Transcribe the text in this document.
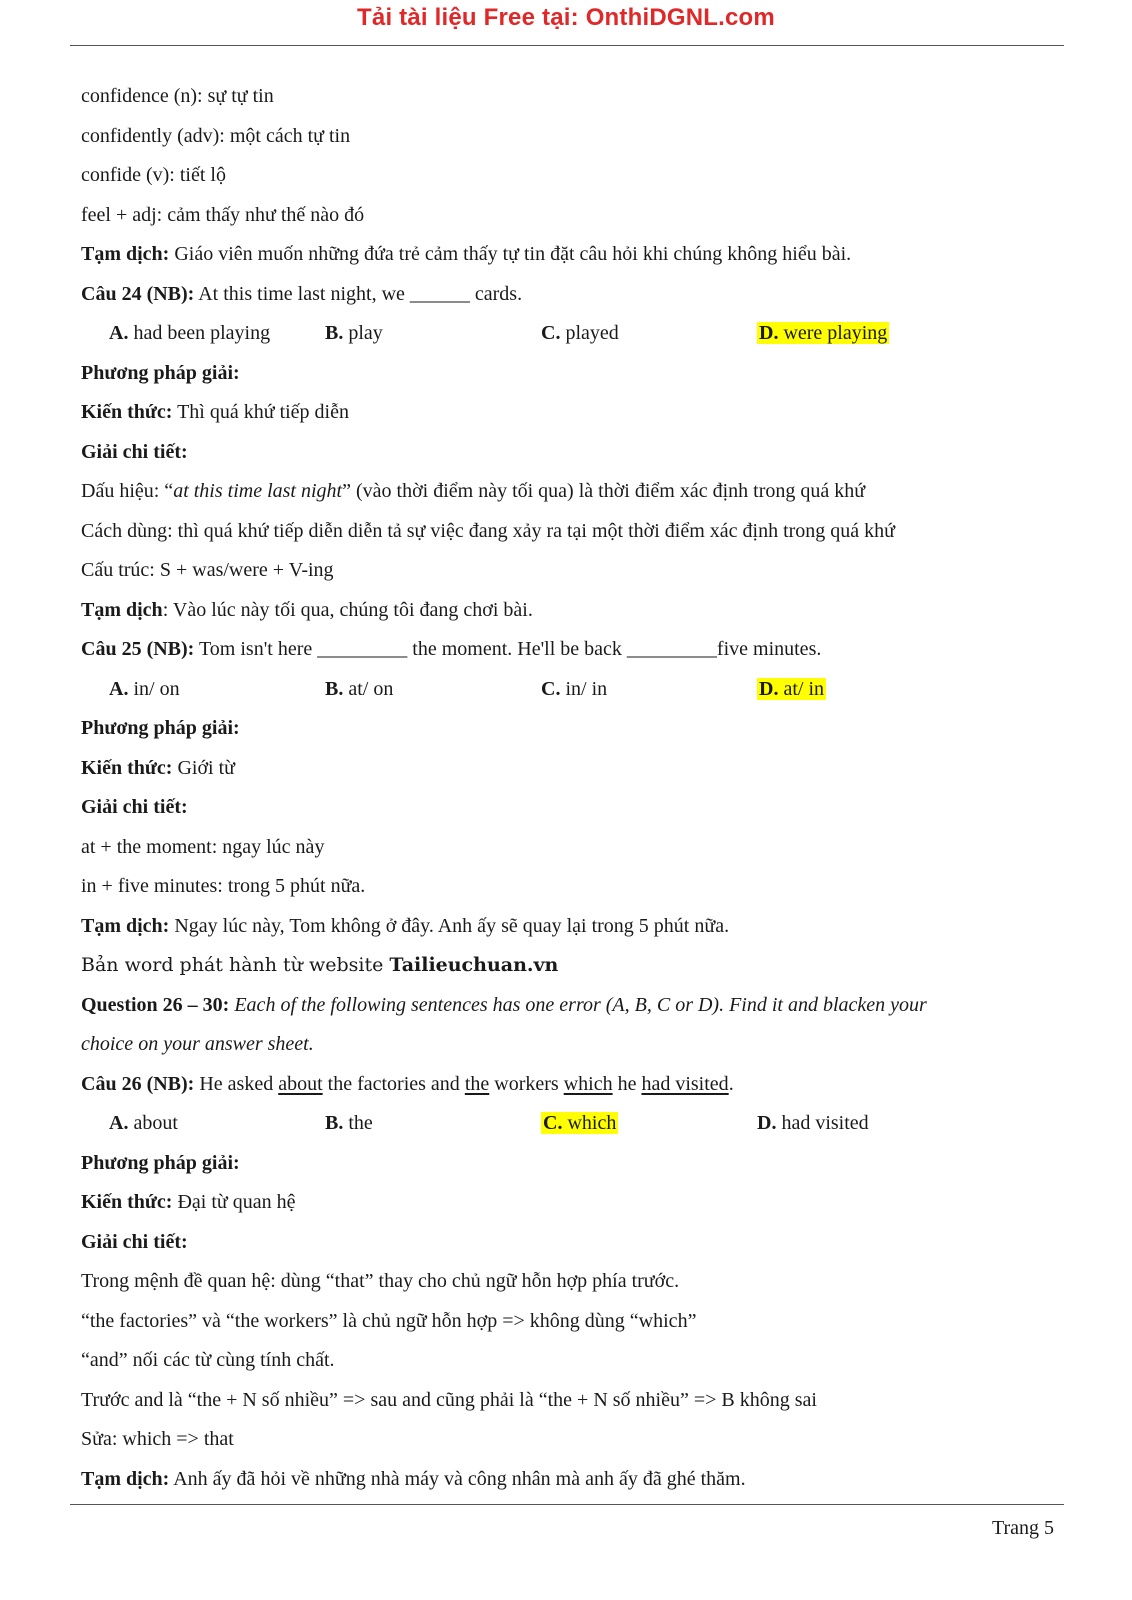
Tải tài liệu Free tại: OnthiDGNL.com
confidence (n): sự tự tin
confidently (adv): một cách tự tin
confide (v): tiết lộ
feel + adj: cảm thấy như thế nào đó
Tạm dịch: Giáo viên muốn những đứa trẻ cảm thấy tự tin đặt câu hỏi khi chúng không hiểu bài.
Câu 24 (NB): At this time last night, we ______ cards.
A. had been playing	B. play	C. played	D. were playing
Phương pháp giải:
Kiến thức: Thì quá khứ tiếp diễn
Giải chi tiết:
Dấu hiệu: “at this time last night” (vào thời điểm này tối qua) là thời điểm xác định trong quá khứ
Cách dùng: thì quá khứ tiếp diễn diễn tả sự việc đang xảy ra tại một thời điểm xác định trong quá khứ
Cấu trúc: S + was/were + V-ing
Tạm dịch: Vào lúc này tối qua, chúng tôi đang chơi bài.
Câu 25 (NB): Tom isn't here _________ the moment. He'll be back _________five minutes.
A. in/ on	B. at/ on	C. in/ in	D. at/ in
Phương pháp giải:
Kiến thức: Giới từ
Giải chi tiết:
at + the moment: ngay lúc này
in + five minutes: trong 5 phút nữa.
Tạm dịch: Ngay lúc này, Tom không ở đây. Anh ấy sẽ quay lại trong 5 phút nữa.
Bản word phát hành từ website Tailieuchuan.vn
Question 26 – 30: Each of the following sentences has one error (A, B, C or D). Find it and blacken your
choice on your answer sheet.
Câu 26 (NB): He asked about the factories and the workers which he had visited.
A. about	B. the	C. which	D. had visited
Phương pháp giải:
Kiến thức: Đại từ quan hệ
Giải chi tiết:
Trong mệnh đề quan hệ: dùng “that” thay cho chủ ngữ hỗn hợp phía trước.
“the factories” và “the workers” là chủ ngữ hỗn hợp => không dùng “which”
“and” nối các từ cùng tính chất.
Trước and là “the + N số nhiều” => sau and cũng phải là “the + N số nhiều” => B không sai
Sửa: which => that
Tạm dịch: Anh ấy đã hỏi về những nhà máy và công nhân mà anh ấy đã ghé thăm.
Trang 5
